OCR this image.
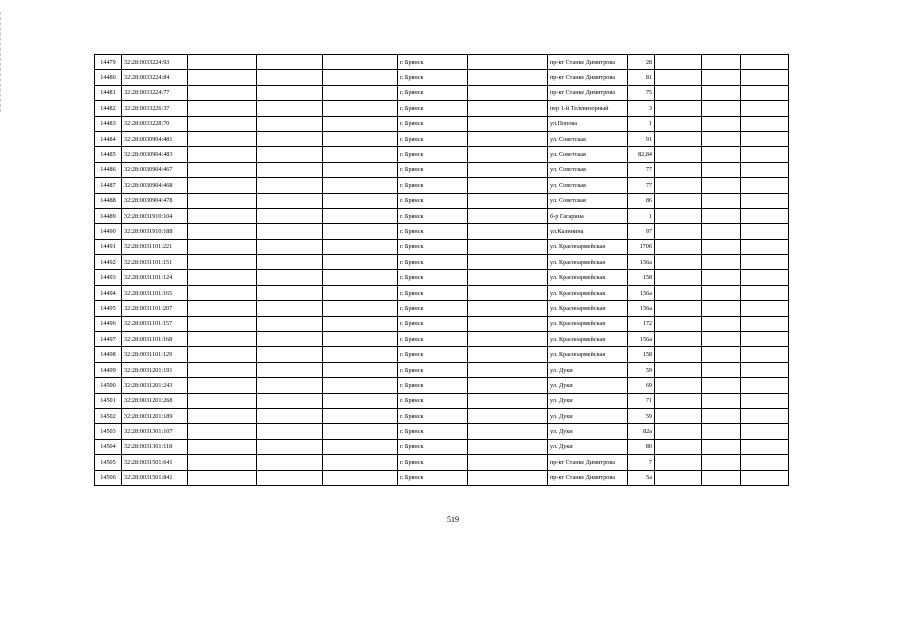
14479	32:28:0033224:93				г. Брянск		пр-кт Станке Димитрова	28			
14480	32:28:0033224:84				г. Брянск		пр-кт Станке Димитрова	81			
14481	32:28:0033224:77				г. Брянск		пр-кт Станке Димитрова	75			
14482	32:28:0033226:37				г. Брянск		пер 1-й Телевизорный	3			
14483	32:28:0033228:70				г. Брянск		ул.Попова	1			
14484	32:28:0030904:481				г. Брянск		ул. Советская	91			
14485	32:28:0030904:483				г. Брянск		ул. Советская	82,84			
14486	32:28:0030904:467				г. Брянск		ул. Советская	77			
14487	32:28:0030904:468				г. Брянск		ул. Советская	77			
14488	32:28:0030904:478				г. Брянск		ул. Советская	86			
14489	32:28:0031910:104				г. Брянск		б-р Гагарина	1			
14490	32:28:0031910:188				г. Брянск		ул.Калинина	97			
14491	32:28:0031101:221				г. Брянск		ул. Красноармейская	170б			
14492	32:28:0031101:151				г. Брянск		ул. Красноармейская	156а			
14493	32:28:0031101:124				г. Брянск		ул. Красноармейская	158			
14494	32:28:0031101:165				г. Брянск		ул. Красноармейская	156а			
14495	32:28:0031101:207				г. Брянск		ул. Красноармейская	156а			
14496	32:28:0031101:157				г. Брянск		ул. Красноармейская	172			
14497	32:28:0031101:168				г. Брянск		ул. Красноармейская	156а			
14498	32:28:0031101:129				г. Брянск		ул. Красноармейская	158			
14499	32:28:0031201:191				г. Брянск		ул. Дуки	59			
14500	32:28:0031201:243				г. Брянск		ул. Дуки	69			
14501	32:28:0031201:268				г. Брянск		ул. Дуки	71			
14502	32:28:0031201:189				г. Брянск		ул. Дуки	59			
14503	32:28:0031301:107				г. Брянск		ул. Дуки	82а			
14504	32:28:0031301:118				г. Брянск		ул. Дуки	80			
14505	32:28:0031501:641				г. Брянск		пр-кт Станке Димитрова	7			
14506	32:28:0031501:841				г. Брянск		пр-кт Станке Димитрова	5а			
519
